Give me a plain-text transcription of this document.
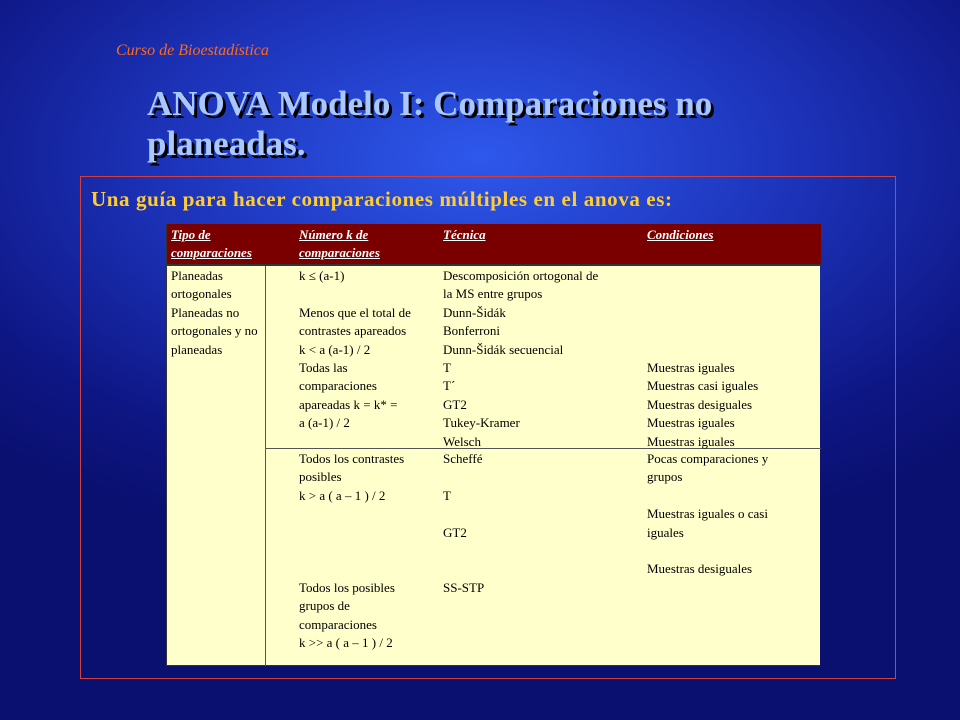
Curso de Bioestadística
ANOVA Modelo I: Comparaciones no planeadas.
Una guía para hacer comparaciones múltiples en el anova es:
Tipo de comparaciones
Número k de comparaciones
Técnica	Condiciones
Planeadas
ortogonales
Planeadas no
ortogonales y no
planeadas
k ≤ (a-1)
Menos que el total de
contrastes apareados
k < a (a-1) / 2
Todas las
comparaciones
apareadas k = k* =
a (a-1) / 2
Descomposición ortogonal de
la MS entre grupos
Dunn-Šidák
Bonferroni
Dunn-Šidák secuencial
T
T´
GT2
Tukey-Kramer
Welsch
Muestras iguales
Muestras casi iguales
Muestras desiguales
Muestras iguales
Muestras iguales
Todos los contrastes
posibles
k > a ( a – 1 ) / 2
Todos los posibles
grupos de
comparaciones
k >> a ( a – 1 ) / 2
Scheffé
T
GT2
SS-STP
Pocas comparaciones y
grupos
Muestras iguales o casi
iguales
Muestras desiguales
